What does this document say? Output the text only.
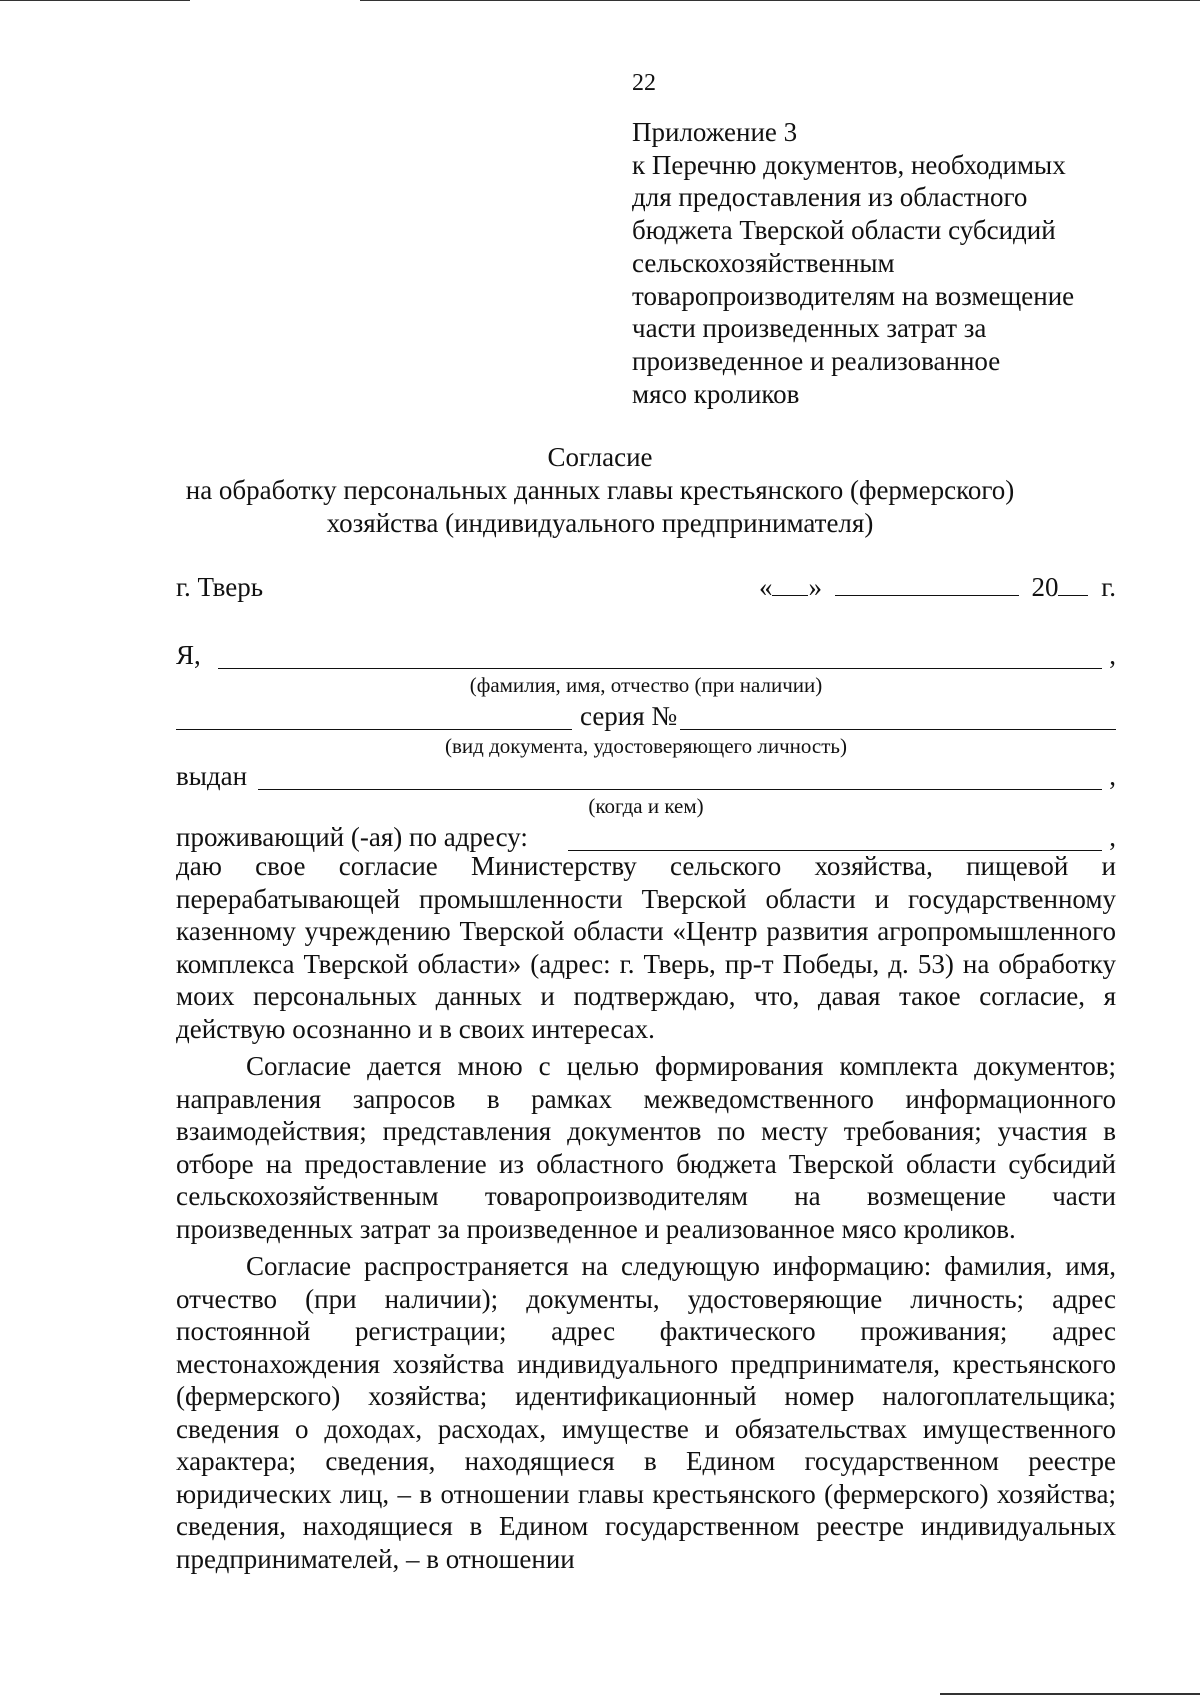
22
Приложение 3
к Перечню документов, необходимых
для предоставления из областного
бюджета Тверской области субсидий
сельскохозяйственным
товаропроизводителям на возмещение
части произведенных затрат за
произведенное и реализованное
мясо кроликов
Согласие
на обработку персональных данных главы крестьянского (фермерского)
хозяйства (индивидуального предпринимателя)
г. Тверь	« »	20 г.
Я,	,
(фамилия, имя, отчество (при наличии)
серия №
(вид документа, удостоверяющего личность)
выдан	,
(когда и кем)
проживающий (-ая) по адресу:	,

даю свое согласие Министерству сельского хозяйства, пищевой и перерабатывающей промышленности Тверской области и государственному казенному учреждению Тверской области «Центр развития агропромышленного комплекса Тверской области» (адрес: г. Тверь, пр-т Победы, д. 53) на обработку моих персональных данных и подтверждаю, что, давая такое согласие, я действую осознанно и в своих интересах.

Согласие дается мною с целью формирования комплекта документов; направления запросов в рамках межведомственного информационного взаимодействия; представления документов по месту требования; участия в отборе на предоставление из областного бюджета Тверской области субсидий сельскохозяйственным товаропроизводителям на возмещение части произведенных затрат за произведенное и реализованное мясо кроликов.

Согласие распространяется на следующую информацию: фамилия, имя, отчество (при наличии); документы, удостоверяющие личность; адрес постоянной регистрации; адрес фактического проживания; адрес местонахождения хозяйства индивидуального предпринимателя, крестьянского (фермерского) хозяйства; идентификационный номер налогоплательщика; сведения о доходах, расходах, имуществе и обязательствах имущественного характера; сведения, находящиеся в Едином государственном реестре юридических лиц, – в отношении главы крестьянского (фермерского) хозяйства; сведения, находящиеся в Едином государственном реестре индивидуальных предпринимателей, – в отношении
